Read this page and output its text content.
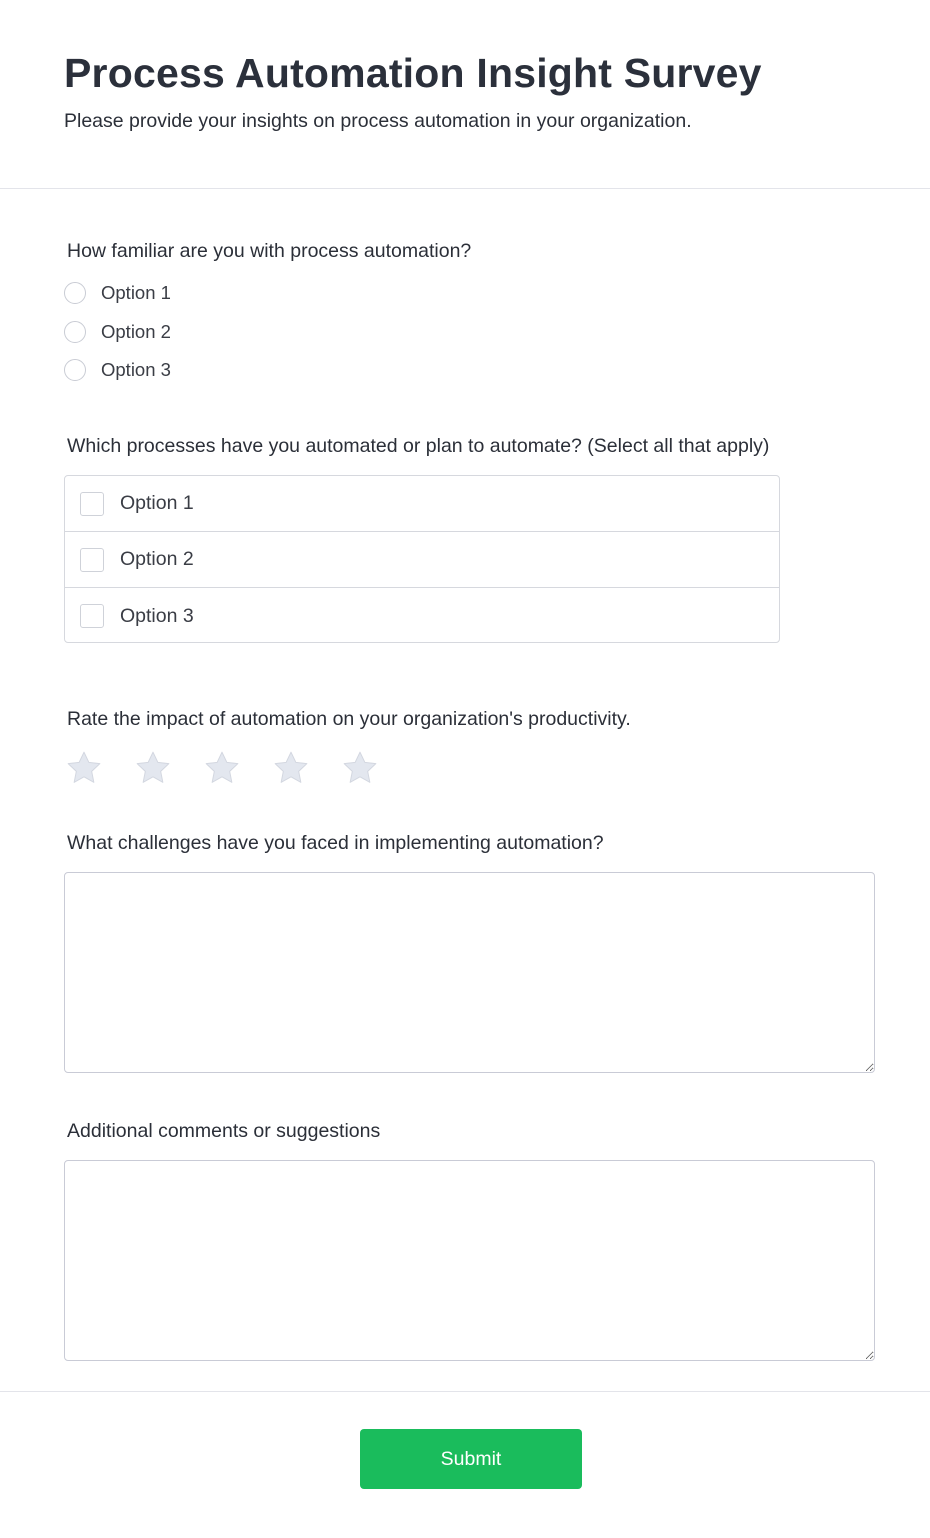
Process Automation Insight Survey
Please provide your insights on process automation in your organization.
How familiar are you with process automation?
Option 1
Option 2
Option 3
Which processes have you automated or plan to automate? (Select all that apply)
Option 1
Option 2
Option 3
Rate the impact of automation on your organization's productivity.
What challenges have you faced in implementing automation?
Additional comments or suggestions
Submit
